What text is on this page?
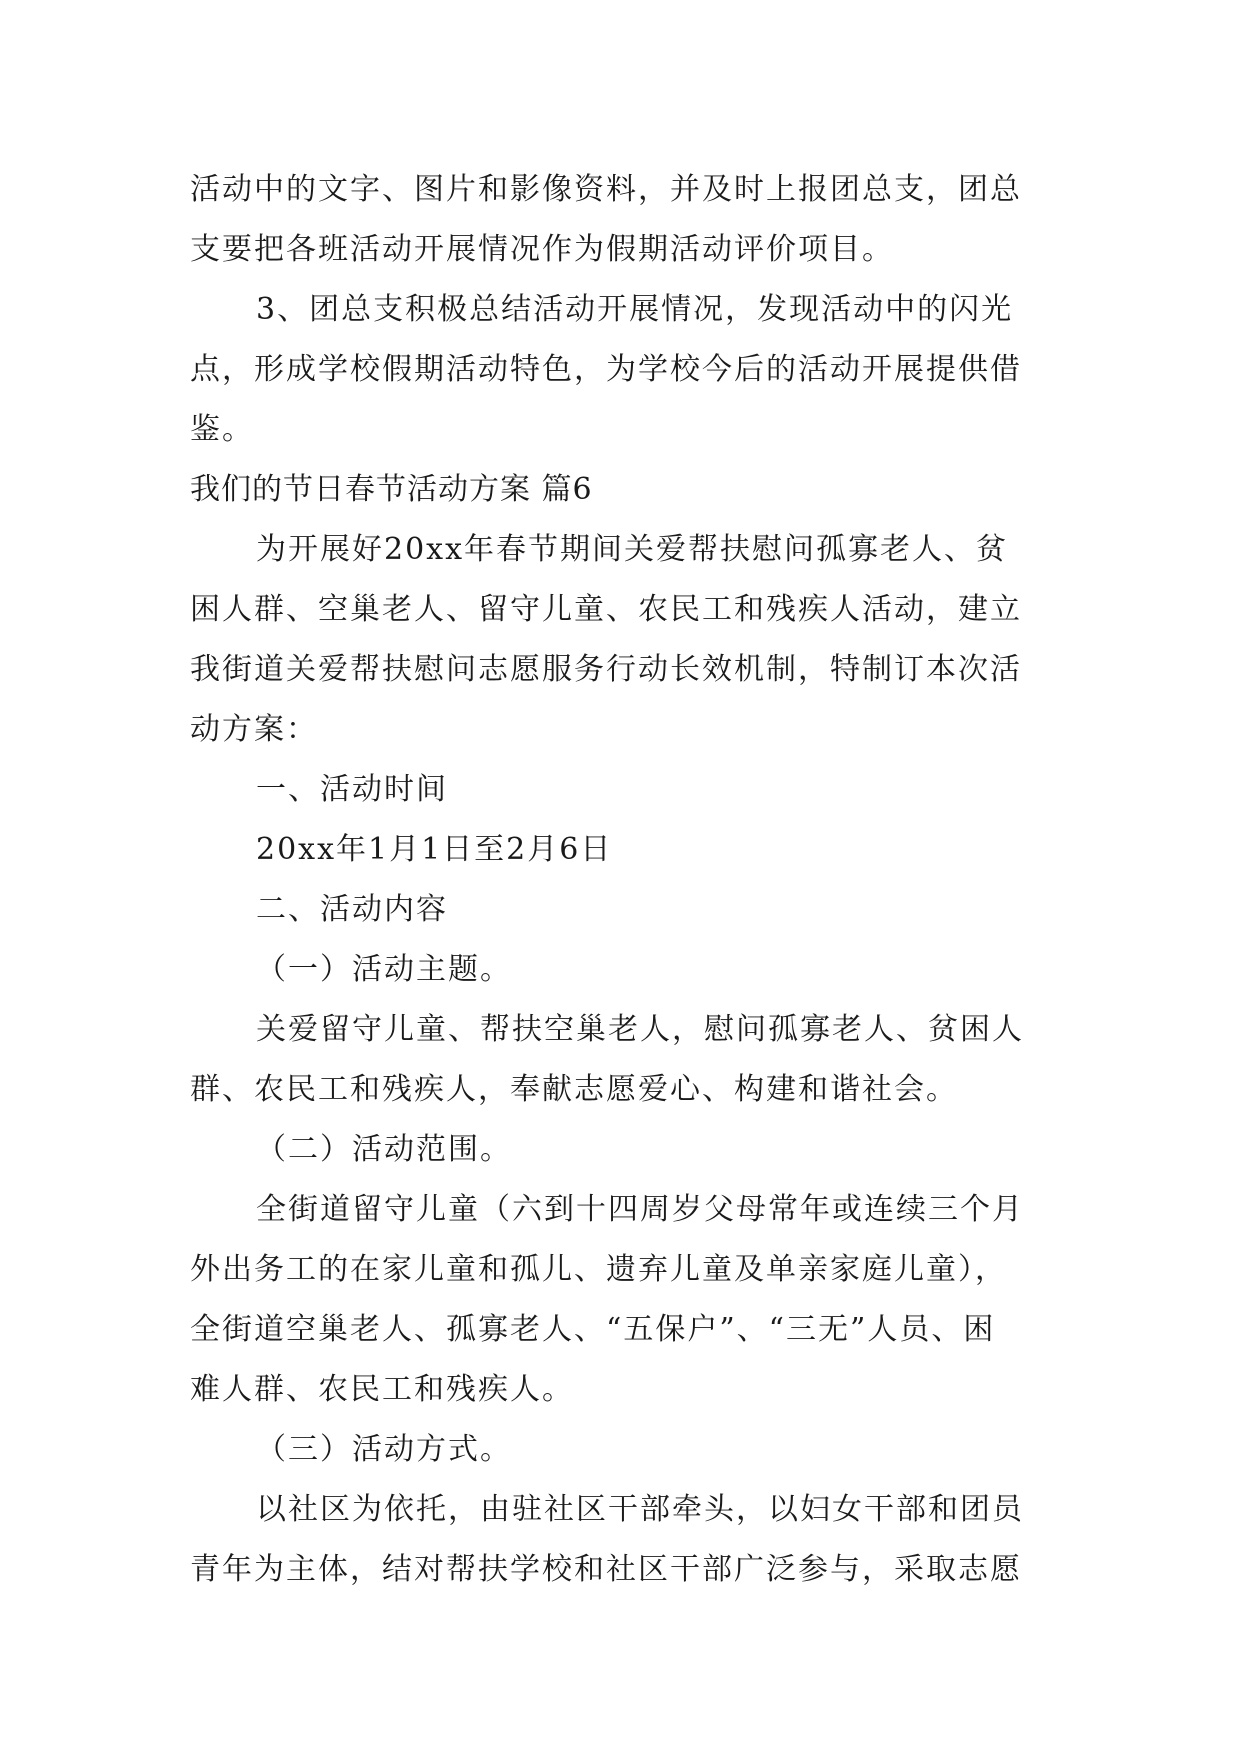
活动中的文字、图片和影像资料，并及时上报团总支，团总
支要把各班活动开展情况作为假期活动评价项目。
3、团总支积极总结活动开展情况，发现活动中的闪光
点，形成学校假期活动特色，为学校今后的活动开展提供借
鉴。
我们的节日春节活动方案 篇6
为开展好20xx年春节期间关爱帮扶慰问孤寡老人、贫
困人群、空巢老人、留守儿童、农民工和残疾人活动，建立
我街道关爱帮扶慰问志愿服务行动长效机制，特制订本次活
动方案：
一、活动时间
20xx年1月1日至2月6日
二、活动内容
（一）活动主题。
关爱留守儿童、帮扶空巢老人，慰问孤寡老人、贫困人
群、农民工和残疾人，奉献志愿爱心、构建和谐社会。
（二）活动范围。
全街道留守儿童（六到十四周岁父母常年或连续三个月
外出务工的在家儿童和孤儿、遗弃儿童及单亲家庭儿童），
全街道空巢老人、孤寡老人、“五保户”、“三无”人员、困
难人群、农民工和残疾人。
（三）活动方式。
以社区为依托，由驻社区干部牵头，以妇女干部和团员
青年为主体，结对帮扶学校和社区干部广泛参与，采取志愿
